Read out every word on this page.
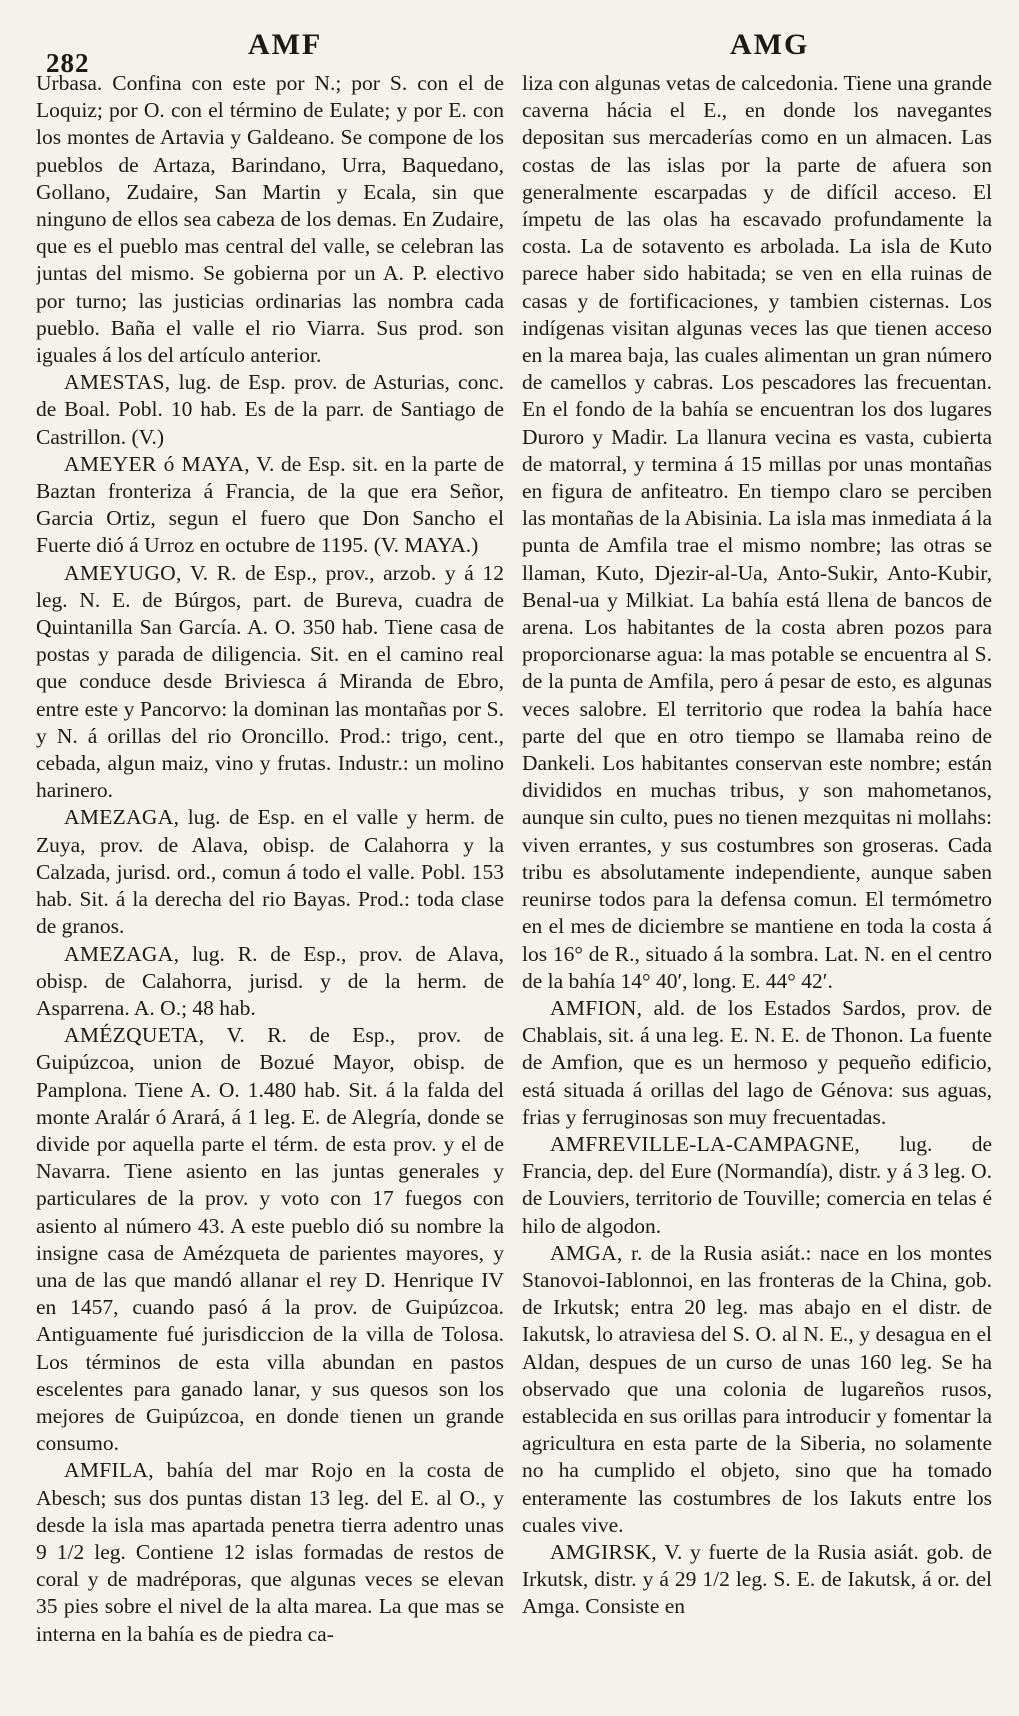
282
AMF	AMG

Urbasa. Confina con este por N.; por S. con el de Loquiz; por O. con el término de Eulate; y por E. con los montes de Artavia y Galdeano. Se compone de los pueblos de Artaza, Barindano, Urra, Baquedano, Gollano, Zudaire, San Martin y Ecala, sin que ninguno de ellos sea cabeza de los demas. En Zudaire, que es el pueblo mas central del valle, se celebran las juntas del mismo. Se gobierna por un A. P. electivo por turno; las justicias ordinarias las nombra cada pueblo. Baña el valle el rio Viarra. Sus prod. son iguales á los del artículo anterior.

AMESTAS, lug. de Esp. prov. de Asturias, conc. de Boal. Pobl. 10 hab. Es de la parr. de Santiago de Castrillon. (V.)

AMEYER ó MAYA, V. de Esp. sit. en la parte de Baztan fronteriza á Francia, de la que era Señor, Garcia Ortiz, segun el fuero que Don Sancho el Fuerte dió á Urroz en octubre de 1195. (V. MAYA.)

AMEYUGO, V. R. de Esp., prov., arzob. y á 12 leg. N. E. de Búrgos, part. de Bureva, cuadra de Quintanilla San García. A. O. 350 hab. Tiene casa de postas y parada de diligencia. Sit. en el camino real que conduce desde Briviesca á Miranda de Ebro, entre este y Pancorvo: la dominan las montañas por S. y N. á orillas del rio Oroncillo. Prod.: trigo, cent., cebada, algun maiz, vino y frutas. Industr.: un molino harinero.

AMEZAGA, lug. de Esp. en el valle y herm. de Zuya, prov. de Alava, obisp. de Calahorra y la Calzada, jurisd. ord., comun á todo el valle. Pobl. 153 hab. Sit. á la derecha del rio Bayas. Prod.: toda clase de granos.

AMEZAGA, lug. R. de Esp., prov. de Alava, obisp. de Calahorra, jurisd. y de la herm. de Asparrena. A. O.; 48 hab.

AMÉZQUETA, V. R. de Esp., prov. de Guipúzcoa, union de Bozué Mayor, obisp. de Pamplona. Tiene A. O. 1.480 hab. Sit. á la falda del monte Aralár ó Arará, á 1 leg. E. de Alegría, donde se divide por aquella parte el térm. de esta prov. y el de Navarra. Tiene asiento en las juntas generales y particulares de la prov. y voto con 17 fuegos con asiento al número 43. A este pueblo dió su nombre la insigne casa de Amézqueta de parientes mayores, y una de las que mandó allanar el rey D. Henrique IV en 1457, cuando pasó á la prov. de Guipúzcoa. Antiguamente fué jurisdiccion de la villa de Tolosa. Los términos de esta villa abundan en pastos escelentes para ganado lanar, y sus quesos son los mejores de Guipúzcoa, en donde tienen un grande consumo.

AMFILA, bahía del mar Rojo en la costa de Abesch; sus dos puntas distan 13 leg. del E. al O., y desde la isla mas apartada penetra tierra adentro unas 9 1/2 leg. Contiene 12 islas formadas de restos de coral y de madréporas, que algunas veces se elevan 35 pies sobre el nivel de la alta marea. La que mas se interna en la bahía es de piedra ca-

liza con algunas vetas de calcedonia. Tiene una grande caverna hácia el E., en donde los navegantes depositan sus mercaderías como en un almacen. Las costas de las islas por la parte de afuera son generalmente escarpadas y de difícil acceso. El ímpetu de las olas ha escavado profundamente la costa. La de sotavento es arbolada. La isla de Kuto parece haber sido habitada; se ven en ella ruinas de casas y de fortificaciones, y tambien cisternas. Los indígenas visitan algunas veces las que tienen acceso en la marea baja, las cuales alimentan un gran número de camellos y cabras. Los pescadores las frecuentan. En el fondo de la bahía se encuentran los dos lugares Duroro y Madir. La llanura vecina es vasta, cubierta de matorral, y termina á 15 millas por unas montañas en figura de anfiteatro. En tiempo claro se perciben las montañas de la Abisinia. La isla mas inmediata á la punta de Amfila trae el mismo nombre; las otras se llaman, Kuto, Djezir-al-Ua, Anto-Sukir, Anto-Kubir, Benal-ua y Milkiat. La bahía está llena de bancos de arena. Los habitantes de la costa abren pozos para proporcionarse agua: la mas potable se encuentra al S. de la punta de Amfila, pero á pesar de esto, es algunas veces salobre. El territorio que rodea la bahía hace parte del que en otro tiempo se llamaba reino de Dankeli. Los habitantes conservan este nombre; están divididos en muchas tribus, y son mahometanos, aunque sin culto, pues no tienen mezquitas ni mollahs: viven errantes, y sus costumbres son groseras. Cada tribu es absolutamente independiente, aunque saben reunirse todos para la defensa comun. El termómetro en el mes de diciembre se mantiene en toda la costa á los 16° de R., situado á la sombra. Lat. N. en el centro de la bahía 14° 40′, long. E. 44° 42′.

AMFION, ald. de los Estados Sardos, prov. de Chablais, sit. á una leg. E. N. E. de Thonon. La fuente de Amfion, que es un hermoso y pequeño edificio, está situada á orillas del lago de Génova: sus aguas, frias y ferruginosas son muy frecuentadas.

AMFREVILLE-LA-CAMPAGNE, lug. de Francia, dep. del Eure (Normandía), distr. y á 3 leg. O. de Louviers, territorio de Touville; comercia en telas é hilo de algodon.

AMGA, r. de la Rusia asiát.: nace en los montes Stanovoi-Iablonnoi, en las fronteras de la China, gob. de Irkutsk; entra 20 leg. mas abajo en el distr. de Iakutsk, lo atraviesa del S. O. al N. E., y desagua en el Aldan, despues de un curso de unas 160 leg. Se ha observado que una colonia de lugareños rusos, establecida en sus orillas para introducir y fomentar la agricultura en esta parte de la Siberia, no solamente no ha cumplido el objeto, sino que ha tomado enteramente las costumbres de los Iakuts entre los cuales vive.

AMGIRSK, V. y fuerte de la Rusia asiát. gob. de Irkutsk, distr. y á 29 1/2 leg. S. E. de Iakutsk, á or. del Amga. Consiste en
